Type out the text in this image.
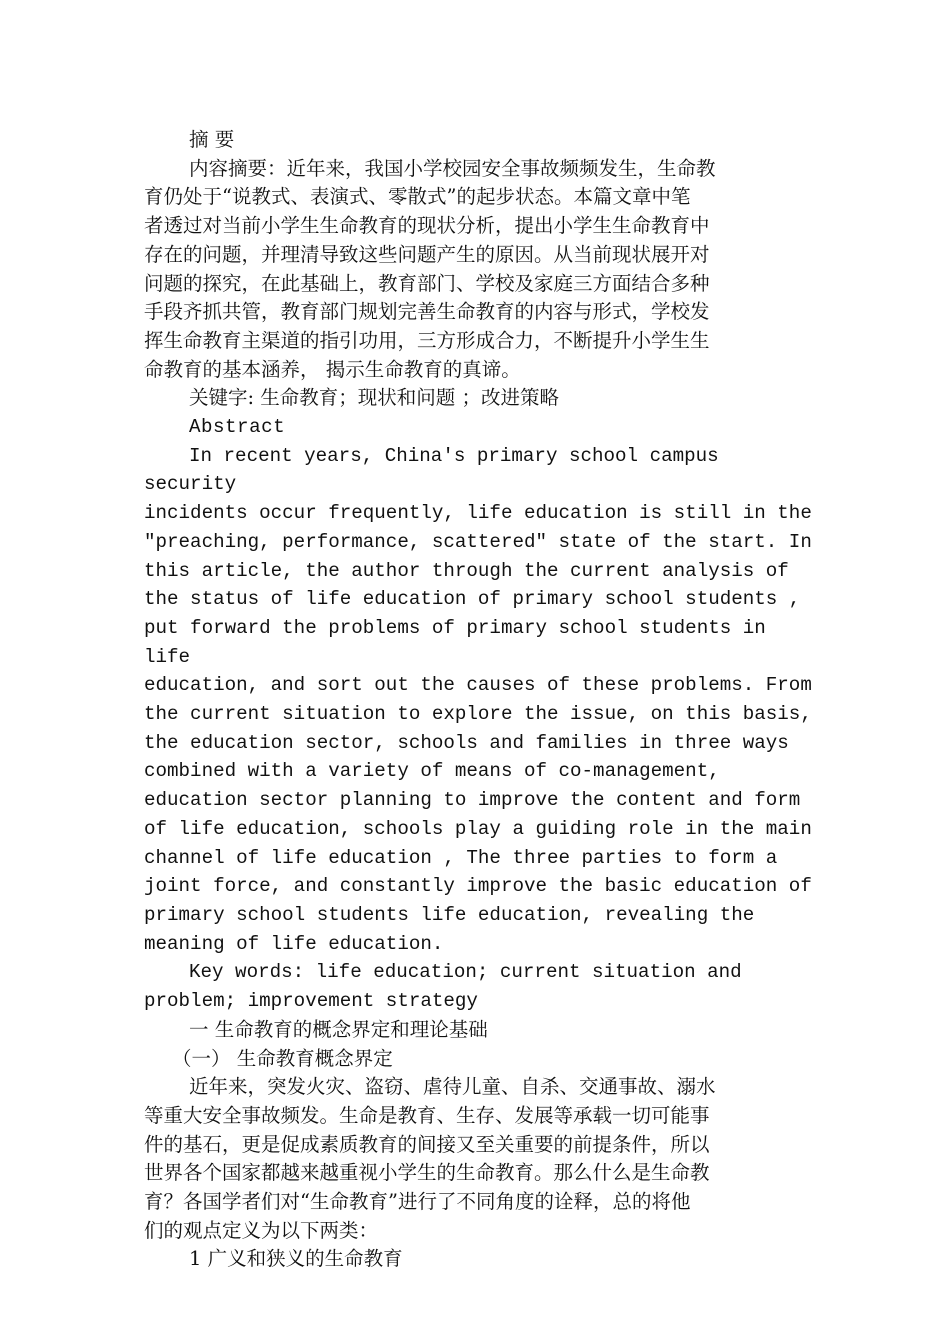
摘 要

内容摘要：近年来，我国小学校园安全事故频频发生，生命教

育仍处于“说教式、表演式、零散式”的起步状态。本篇文章中笔

者透过对当前小学生生命教育的现状分析，提出小学生生命教育中

存在的问题，并理清导致这些问题产生的原因。从当前现状展开对

问题的探究，在此基础上，教育部门、学校及家庭三方面结合多种

手段齐抓共管，教育部门规划完善生命教育的内容与形式，学校发

挥生命教育主渠道的指引功用，三方形成合力，不断提升小学生生

命教育的基本涵养， 揭示生命教育的真谛。

关键字: 生命教育；现状和问题 ；改进策略

Abstract

In recent years, China's primary school campus security

incidents occur frequently, life education is still in the

"preaching, performance, scattered" state of the start. In

this article, the author through the current analysis of

the status of life education of primary school students ,

put forward the problems of primary school students in life

education, and sort out the causes of these problems. From

the current situation to explore the issue, on this basis,

the education sector, schools and families in three ways

combined with a variety of means of co-management,

education sector planning to improve the content and form

of life education, schools play a guiding role in the main

channel of life education , The three parties to form a

joint force, and constantly improve the basic education of

primary school students life education, revealing the

meaning of life education.

Key words: life education; current situation and

problem; improvement strategy

一 生命教育的概念界定和理论基础

（一） 生命教育概念界定

近年来，突发火灾、盗窃、虐待儿童、自杀、交通事故、溺水

等重大安全事故频发。生命是教育、生存、发展等承载一切可能事

件的基石，更是促成素质教育的间接又至关重要的前提条件，所以

世界各个国家都越来越重视小学生的生命教育。那么什么是生命教

育？各国学者们对“生命教育”进行了不同角度的诠释，总的将他

们的观点定义为以下两类：

1 广义和狭义的生命教育
